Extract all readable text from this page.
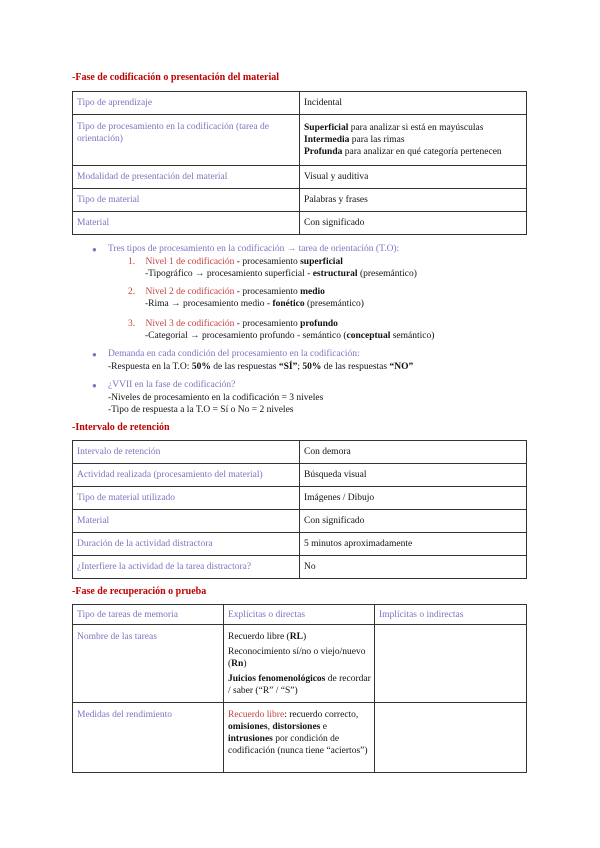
-Fase de codificación o presentación del material
Tipo de aprendizaje	Incidental
Tipo de procesamiento en la codificación (tarea de orientación)	Superficial para analizar si está en mayúsculas
Intermedia para las rimas
Profunda para analizar en qué categoría pertenecen

Modalidad de presentación del material	Visual y auditiva
Tipo de material	Palabras y frases
Material	Con significado
● Tres tipos de procesamiento en la codificación → tarea de orientación (T.O):
1. Nivel 1 de codificación - procesamiento superficial
-Tipográfico → procesamiento superficial - estructural (presemántico)
2. Nivel 2 de codificación - procesamiento medio
-Rima → procesamiento medio - fonético (presemántico)
3. Nivel 3 de codificación - procesamiento profundo
-Categorial → procesamiento profundo - semántico (conceptual semántico)
● Demanda en cada condición del procesamiento en la codificación:
-Respuesta en la T.O: 50% de las respuestas “SÍ”; 50% de las respuestas “NO”
● ¿VVII en la fase de codificación?
-Niveles de procesamiento en la codificación = 3 niveles
-Tipo de respuesta a la T.O = Sí o No = 2 niveles
-Intervalo de retención
Intervalo de retención	Con demora
Actividad realizada (procesamiento del material)	Búsqueda visual
Tipo de material utilizado	Imágenes / Dibujo
Material	Con significado
Duración de la actividad distractora	5 minutos aproximadamente
¿Interfiere la actividad de la tarea distractora?	No
-Fase de recuperación o prueba
Tipo de tareas de memoria	Explícitas o directas	Implícitas o indirectas
Nombre de las tareas	Recuerdo libre (RL)
Reconocimiento sí/no o viejo/nuevo (Rn)
Juicios fenomenológicos de recordar / saber (“R” / “S”)	

Medidas del rendimiento	Recuerdo libre: recuerdo correcto, omisiones, distorsiones e intrusiones por condición de codificación (nunca tiene “aciertos”)	
